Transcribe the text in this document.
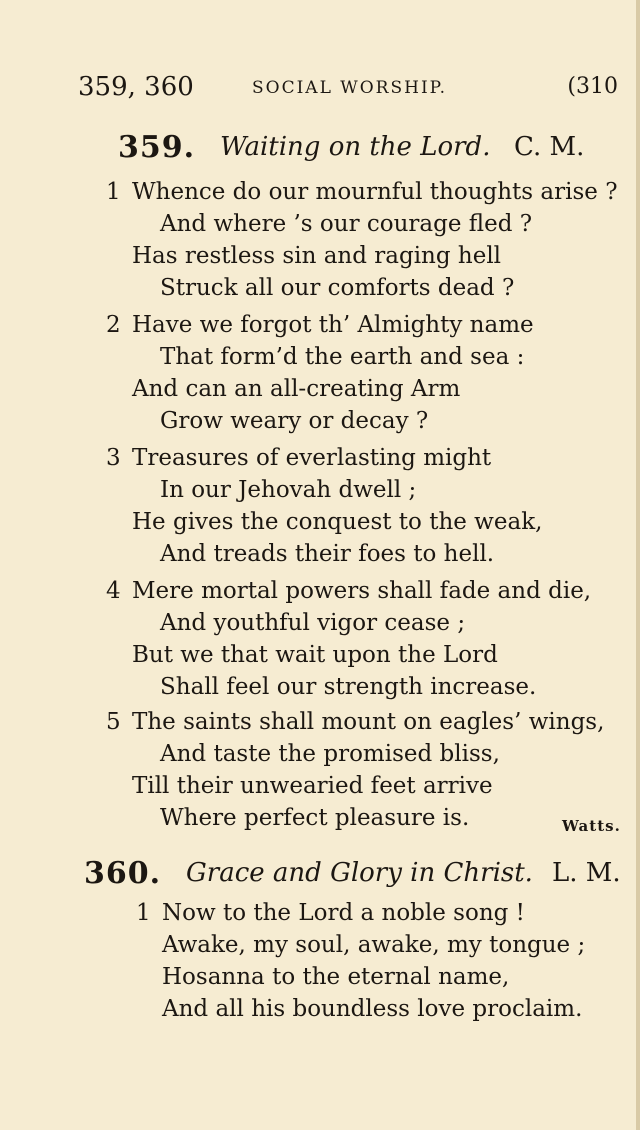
359, 360	SOCIAL WORSHIP.	(310
359. Waiting on the Lord. C. M.
1 Whence do our mournful thoughts arise ?
And where ’s our courage fled ?
Has restless sin and raging hell
Struck all our comforts dead ?
2 Have we forgot th’ Almighty name
That form’d the earth and sea :
And can an all-creating Arm
Grow weary or decay ?
3 Treasures of everlasting might
In our Jehovah dwell ;
He gives the conquest to the weak,
And treads their foes to hell.
4 Mere mortal powers shall fade and die,
And youthful vigor cease ;
But we that wait upon the Lord
Shall feel our strength increase.
5 The saints shall mount on eagles’ wings,
And taste the promised bliss,
Till their unwearied feet arrive
Where perfect pleasure is.	Watts.
360. Grace and Glory in Christ. L. M.
1 Now to the Lord a noble song !
Awake, my soul, awake, my tongue ;
Hosanna to the eternal name,
And all his boundless love proclaim.
